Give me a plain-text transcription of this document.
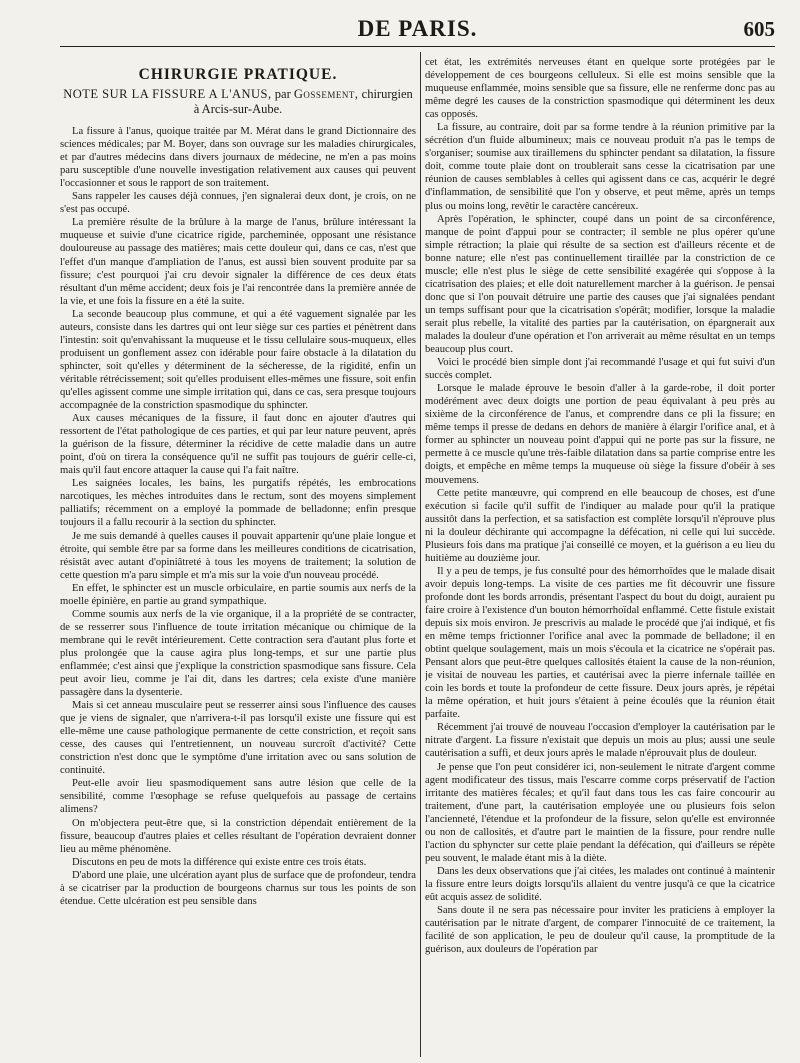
DE PARIS.	605
CHIRURGIE PRATIQUE.
NOTE SUR LA FISSURE A L'ANUS, par Gossement, chirurgien à Arcis-sur-Aube.

La fissure à l'anus, quoique traitée par M. Mérat dans le grand Dictionnaire des sciences médicales; par M. Boyer, dans son ouvrage sur les maladies chirurgicales, et par d'autres médecins dans divers journaux de médecine, ne m'en a pas moins paru susceptible d'une nouvelle investigation relativement aux causes qui peuvent l'occasionner et sous le rapport de son traitement.

Sans rappeler les causes déjà connues, j'en signalerai deux dont, je crois, on ne s'est pas occupé.

La première résulte de la brûlure à la marge de l'anus, brûlure intéressant la muqueuse et suivie d'une cicatrice rigide, parcheminée, opposant une résistance douloureuse au passage des matières; mais cette douleur qui, dans ce cas, n'est que l'effet d'un manque d'ampliation de l'anus, est aussi bien souvent produite par sa fissure; c'est pourquoi j'ai cru devoir signaler la différence de ces deux états résultant d'un même accident; deux fois je l'ai rencontrée dans la première année de la vie, et une fois la fissure en a été la suite.

La seconde beaucoup plus commune, et qui a été vaguement signalée par les auteurs, consiste dans les dartres qui ont leur siège sur ces parties et pénètrent dans l'intestin: soit qu'envahissant la muqueuse et le tissu cellulaire sous-muqueux, elles produisent un gonflement assez con idérable pour faire obstacle à la dilatation du sphincter, soit qu'elles y déterminent de la sécheresse, de la rigidité, enfin un véritable rétrécissement; soit qu'elles produisent elles-mêmes une fissure, soit enfin qu'elles agissent comme une simple irritation qui, dans ce cas, sera presque toujours accompagnée de la constriction spasmodique du sphincter.

Aux causes mécaniques de la fissure, il faut donc en ajouter d'autres qui ressortent de l'état pathologique de ces parties, et qui par leur nature peuvent, après la guérison de la fissure, déterminer la récidive de cette maladie dans un autre point, d'où on tirera la conséquence qu'il ne suffit pas toujours de guérir celle-ci, mais qu'il faut encore attaquer la cause qui l'a fait naître.

Les saignées locales, les bains, les purgatifs répétés, les embrocations narcotiques, les mèches introduites dans le rectum, sont des moyens simplement palliatifs; récemment on a employé la pommade de belladonne; enfin presque toujours il a fallu recourir à la section du sphincter.

Je me suis demandé à quelles causes il pouvait appartenir qu'une plaie longue et étroite, qui semble être par sa forme dans les meilleures conditions de cicatrisation, résistât avec autant d'opiniâtreté à tous les moyens de traitement; la solution de cette question m'a paru simple et m'a mis sur la voie d'un nouveau procédé.

En effet, le sphincter est un muscle orbiculaire, en partie soumis aux nerfs de la moelle épinière, en partie au grand sympathique.

Comme soumis aux nerfs de la vie organique, il a la propriété de se contracter, de se resserrer sous l'influence de toute irritation mécanique ou chimique de la membrane qui le revêt intérieurement. Cette contraction sera d'autant plus forte et plus prolongée que la cause agira plus long-temps, et sur une partie plus enflammée; c'est ainsi que j'explique la constriction spasmodique sans fissure. Cela peut avoir lieu, comme je l'ai dit, dans les dartres; cela existe d'une manière passagère dans la dysenterie.

Mais si cet anneau musculaire peut se resserrer ainsi sous l'influence des causes que je viens de signaler, que n'arrivera-t-il pas lorsqu'il existe une fissure qui est elle-même une cause pathologique permanente de cette constriction, et reçoit sans cesse, des causes qui l'entretiennent, un nouveau surcroît d'activité? Cette constriction n'est donc que le symptôme d'une irritation avec ou sans solution de continuité.

Peut-elle avoir lieu spasmodiquement sans autre lésion que celle de la sensibilité, comme l'œsophage se refuse quelquefois au passage de certains alimens?

On m'objectera peut-être que, si la constriction dépendait entièrement de la fissure, beaucoup d'autres plaies et celles résultant de l'opération devraient donner lieu au même phénomène.

Discutons en peu de mots la différence qui existe entre ces trois états.

D'abord une plaie, une ulcération ayant plus de surface que de profondeur, tendra à se cicatriser par la production de bourgeons charnus sur tous les points de son étendue. Cette ulcération est peu sensible dans

cet état, les extrémités nerveuses étant en quelque sorte protégées par le développement de ces bourgeons celluleux. Si elle est moins sensible que la muqueuse enflammée, moins sensible que sa fissure, elle ne renferme donc pas au même degré les causes de la constriction spasmodique qui déterminent les deux cas opposés.

La fissure, au contraire, doit par sa forme tendre à la réunion primitive par la sécrétion d'un fluide albumineux; mais ce nouveau produit n'a pas le temps de s'organiser; soumise aux tiraillemens du sphincter pendant sa dilatation, la fissure doit, comme toute plaie dont on troublerait sans cesse la cicatrisation par une réunion de causes semblables à celles qui agissent dans ce cas, acquérir le degré d'inflammation, de sensibilité que l'on y observe, et peut même, après un temps plus ou moins long, revêtir le caractère cancéreux.

Après l'opération, le sphincter, coupé dans un point de sa circonférence, manque de point d'appui pour se contracter; il semble ne plus opérer qu'une simple rétraction; la plaie qui résulte de sa section est d'ailleurs récente et de bonne nature; elle n'est pas continuellement tiraillée par la constriction de ce muscle; elle n'est plus le siège de cette sensibilité exagérée qui s'oppose à la cicatrisation des plaies; et elle doit naturellement marcher à la guérison. Je pensai donc que si l'on pouvait détruire une partie des causes que j'ai signalées pendant un temps suffisant pour que la cicatrisation s'opérât; modifier, lorsque la maladie serait plus rebelle, la vitalité des parties par la cautérisation, on épargnerait aux malades la douleur d'une opération et l'on arriverait au même résultat en un temps beaucoup plus court.

Voici le procédé bien simple dont j'ai recommandé l'usage et qui fut suivi d'un succès complet.

Lorsque le malade éprouve le besoin d'aller à la garde-robe, il doit porter modérément avec deux doigts une portion de peau équivalant à peu près au sixième de la circonférence de l'anus, et comprendre dans ce pli la fissure; en même temps il presse de dedans en dehors de manière à élargir l'orifice anal, et à former au sphincter un nouveau point d'appui qui ne porte pas sur la fissure, ne permette à ce muscle qu'une très-faible dilatation dans sa partie comprise entre les doigts, et empêche en même temps la muqueuse où siège la fissure d'obéir à ses mouvemens.

Cette petite manœuvre, qui comprend en elle beaucoup de choses, est d'une exécution si facile qu'il suffit de l'indiquer au malade pour qu'il la pratique aussitôt dans la perfection, et sa satisfaction est complète lorsqu'il n'éprouve plus ni la douleur déchirante qui accompagne la défécation, ni celle qui lui succède. Plusieurs fois dans ma pratique j'ai conseillé ce moyen, et la guérison a eu lieu du huitième au douzième jour.

Il y a peu de temps, je fus consulté pour des hémorrhoïdes que le malade disait avoir depuis long-temps. La visite de ces parties me fit découvrir une fissure profonde dont les bords arrondis, présentant l'aspect du bout du doigt, auraient pu faire croire à l'existence d'un bouton hémorrhoïdal enflammé. Cette fistule existait depuis six mois environ. Je prescrivis au malade le procédé que j'ai indiqué, et fis en même temps frictionner l'orifice anal avec la pommade de belladone; il en obtint quelque soulagement, mais un mois s'écoula et la cicatrice ne s'opérait pas. Pensant alors que peut-être quelques callosités étaient la cause de la non-réunion, je visitai de nouveau les parties, et cautérisai avec la pierre infernale taillée en coin les bords et toute la profondeur de cette fissure. Deux jours après, je répétai la même opération, et huit jours s'étaient à peine écoulés que la réunion était parfaite.

Récemment j'ai trouvé de nouveau l'occasion d'employer la cautérisation par le nitrate d'argent. La fissure n'existait que depuis un mois au plus; aussi une seule cautérisation a suffi, et deux jours après le malade n'éprouvait plus de douleur.

Je pense que l'on peut considérer ici, non-seulement le nitrate d'argent comme agent modificateur des tissus, mais l'escarre comme corps préservatif de l'action irritante des matières fécales; et qu'il faut dans tous les cas faire concourir au traitement, d'une part, la cautérisation employée une ou plusieurs fois selon l'ancienneté, l'étendue et la profondeur de la fissure, selon qu'elle est environnée ou non de callosités, et d'autre part le maintien de la fissure, pour rendre nulle l'action du sphyncter sur cette plaie pendant la défécation, qui d'ailleurs se répète peu souvent, le malade étant mis à la diète.

Dans les deux observations que j'ai citées, les malades ont continué à maintenir la fissure entre leurs doigts lorsqu'ils allaient du ventre jusqu'à ce que la cicatrice eût acquis assez de solidité.

Sans doute il ne sera pas nécessaire pour inviter les praticiens à employer la cautérisation par le nitrate d'argent, de comparer l'innocuité de ce traitement, la facilité de son application, le peu de douleur qu'il cause, la promptitude de la guérison, aux douleurs de l'opération par
